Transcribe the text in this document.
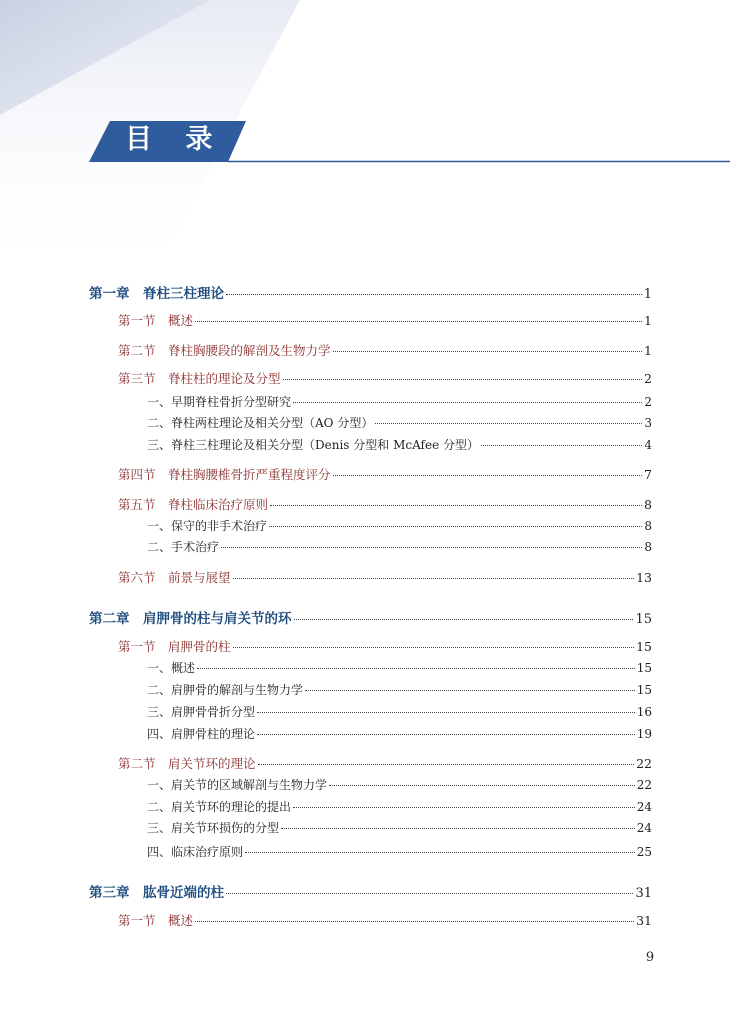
目 录
第一章　脊柱三柱理论	1
第一节　概述	1
第二节　脊柱胸腰段的解剖及生物力学	1
第三节　脊柱柱的理论及分型	2
一、早期脊柱骨折分型研究	2
二、脊柱两柱理论及相关分型（AO 分型）	3
三、脊柱三柱理论及相关分型（Denis 分型和 McAfee 分型）	4
第四节　脊柱胸腰椎骨折严重程度评分	7
第五节　脊柱临床治疗原则	8
一、保守的非手术治疗	8
二、手术治疗	8
第六节　前景与展望	13
第二章　肩胛骨的柱与肩关节的环	15
第一节　肩胛骨的柱	15
一、概述	15
二、肩胛骨的解剖与生物力学	15
三、肩胛骨骨折分型	16
四、肩胛骨柱的理论	19
第二节　肩关节环的理论	22
一、肩关节的区域解剖与生物力学	22
二、肩关节环的理论的提出	24
三、肩关节环损伤的分型	24
四、临床治疗原则	25
第三章　肱骨近端的柱	31
第一节　概述	31
9
